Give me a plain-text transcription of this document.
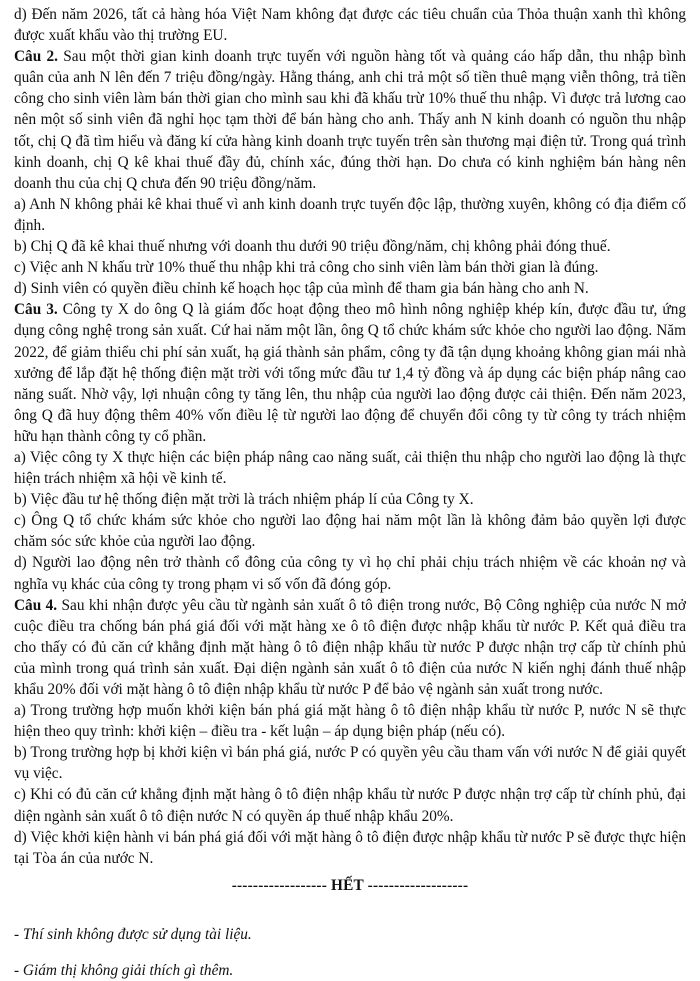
d) Đến năm 2026, tất cả hàng hóa Việt Nam không đạt được các tiêu chuẩn của Thỏa thuận xanh thì không được xuất khẩu vào thị trường EU.

Câu 2. Sau một thời gian kinh doanh trực tuyến với nguồn hàng tốt và quảng cáo hấp dẫn, thu nhập bình quân của anh N lên đến 7 triệu đồng/ngày. Hằng tháng, anh chi trả một số tiền thuê mạng viễn thông, trả tiền công cho sinh viên làm bán thời gian cho mình sau khi đã khấu trừ 10% thuế thu nhập. Vì được trả lương cao nên một số sinh viên đã nghỉ học tạm thời để bán hàng cho anh. Thấy anh N kinh doanh có nguồn thu nhập tốt, chị Q đã tìm hiểu và đăng kí cửa hàng kinh doanh trực tuyến trên sàn thương mại điện tử. Trong quá trình kinh doanh, chị Q kê khai thuế đầy đủ, chính xác, đúng thời hạn. Do chưa có kinh nghiệm bán hàng nên doanh thu của chị Q chưa đến 90 triệu đồng/năm.

a) Anh N không phải kê khai thuế vì anh kinh doanh trực tuyến độc lập, thường xuyên, không có địa điểm cố định.

b) Chị Q đã kê khai thuế nhưng với doanh thu dưới 90 triệu đồng/năm, chị không phải đóng thuế.

c) Việc anh N khấu trừ 10% thuế thu nhập khi trả công cho sinh viên làm bán thời gian là đúng.

d) Sinh viên có quyền điều chỉnh kế hoạch học tập của mình để tham gia bán hàng cho anh N.

Câu 3. Công ty X do ông Q là giám đốc hoạt động theo mô hình nông nghiệp khép kín, được đầu tư, ứng dụng công nghệ trong sản xuất. Cứ hai năm một lần, ông Q tổ chức khám sức khỏe cho người lao động. Năm 2022, để giảm thiểu chi phí sản xuất, hạ giá thành sản phẩm, công ty đã tận dụng khoảng không gian mái nhà xưởng để lắp đặt hệ thống điện mặt trời với tổng mức đầu tư 1,4 tỷ đồng và áp dụng các biện pháp nâng cao năng suất. Nhờ vậy, lợi nhuận công ty tăng lên, thu nhập của người lao động được cải thiện. Đến năm 2023, ông Q đã huy động thêm 40% vốn điều lệ từ người lao động để chuyển đổi công ty từ công ty trách nhiệm hữu hạn thành công ty cổ phần.

a) Việc công ty X thực hiện các biện pháp nâng cao năng suất, cải thiện thu nhập cho người lao động là thực hiện trách nhiệm xã hội về kinh tế.

b) Việc đầu tư hệ thống điện mặt trời là trách nhiệm pháp lí của Công ty X.

c) Ông Q tổ chức khám sức khỏe cho người lao động hai năm một lần là không đảm bảo quyền lợi được chăm sóc sức khỏe của người lao động.

d) Người lao động nên trở thành cổ đông của công ty vì họ chỉ phải chịu trách nhiệm về các khoản nợ và nghĩa vụ khác của công ty trong phạm vi số vốn đã đóng góp.

Câu 4. Sau khi nhận được yêu cầu từ ngành sản xuất ô tô điện trong nước, Bộ Công nghiệp của nước N mở cuộc điều tra chống bán phá giá đối với mặt hàng xe ô tô điện được nhập khẩu từ nước P. Kết quả điều tra cho thấy có đủ căn cứ khẳng định mặt hàng ô tô điện nhập khẩu từ nước P được nhận trợ cấp từ chính phủ của mình trong quá trình sản xuất. Đại diện ngành sản xuất ô tô điện của nước N kiến nghị đánh thuế nhập khẩu 20% đối với mặt hàng ô tô điện nhập khẩu từ nước P để bảo vệ ngành sản xuất trong nước.

a) Trong trường hợp muốn khởi kiện bán phá giá mặt hàng ô tô điện nhập khẩu từ nước P, nước N sẽ thực hiện theo quy trình: khởi kiện – điều tra - kết luận – áp dụng biện pháp (nếu có).

b) Trong trường hợp bị khởi kiện vì bán phá giá, nước P có quyền yêu cầu tham vấn với nước N để giải quyết vụ việc.

c) Khi có đủ căn cứ khẳng định mặt hàng ô tô điện nhập khẩu từ nước P được nhận trợ cấp từ chính phủ, đại diện ngành sản xuất ô tô điện nước N có quyền áp thuế nhập khẩu 20%.

d) Việc khởi kiện hành vi bán phá giá đối với mặt hàng ô tô điện được nhập khẩu từ nước P sẽ được thực hiện tại Tòa án của nước N.

------------------ HẾT -------------------

- Thí sinh không được sử dụng tài liệu.

- Giám thị không giải thích gì thêm.
